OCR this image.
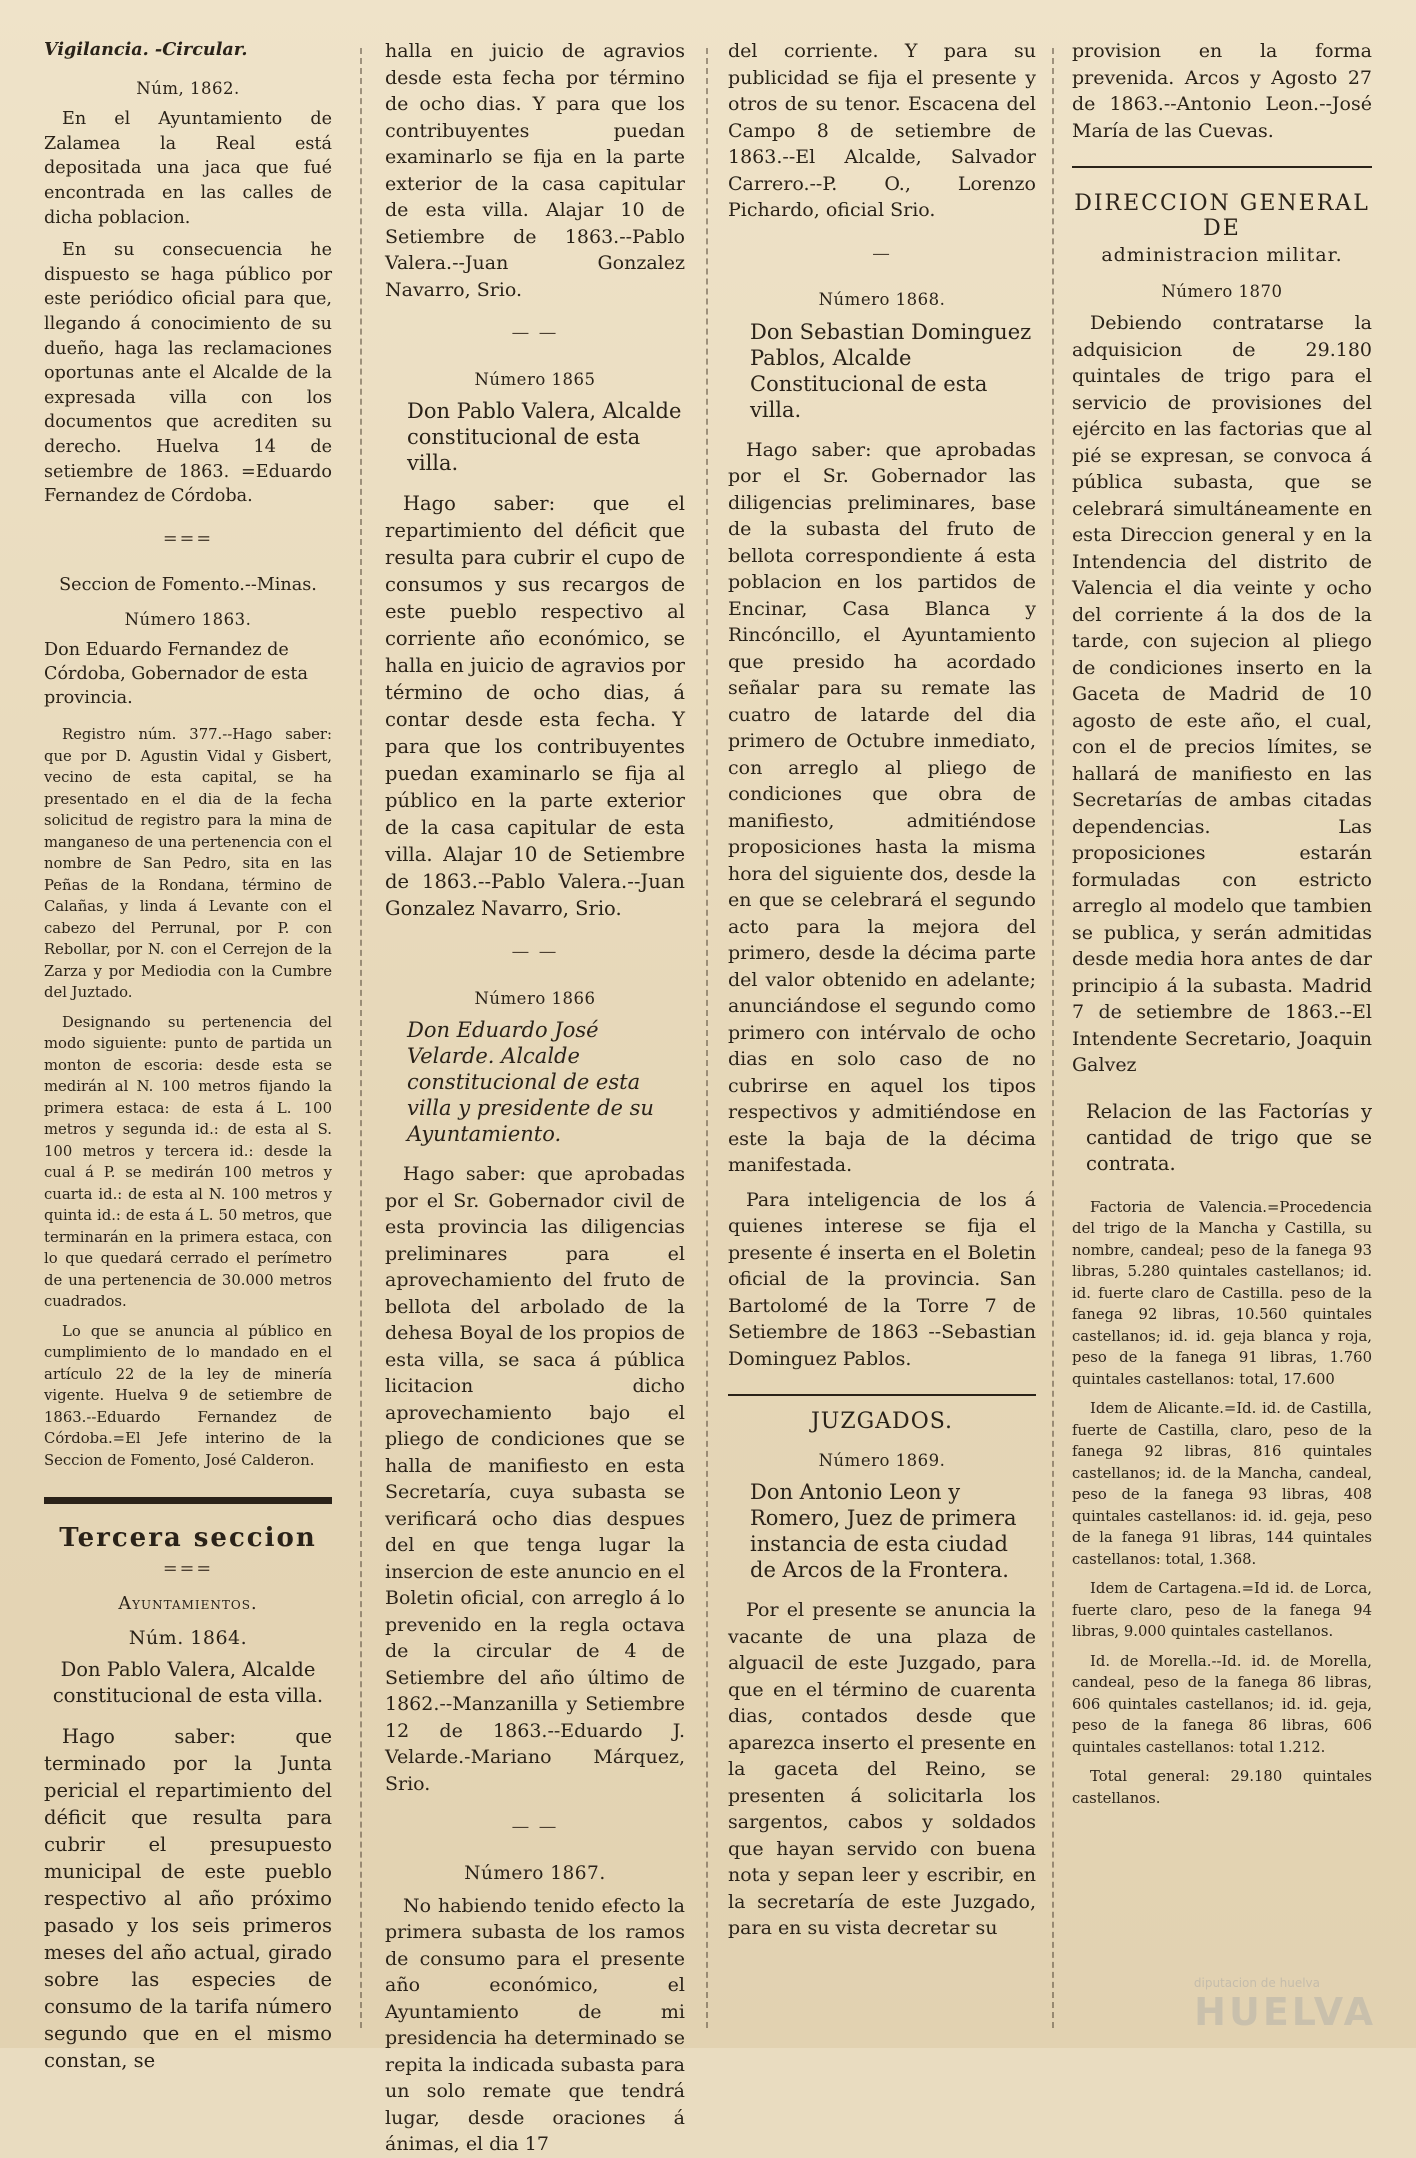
Vigilancia. -Circular.

Núm, 1862.

En el Ayuntamiento de Zalamea la Real está depositada una jaca que fué encontrada en las calles de dicha poblacion.

En su consecuencia he dispuesto se haga público por este periódico oficial para que, llegando á conocimiento de su dueño, haga las reclamaciones oportunas ante el Alcalde de la expresada villa con los documentos que acrediten su derecho. Huelva 14 de setiembre de 1863. =Eduardo Fernandez de Córdoba.

===

Seccion de Fomento.--Minas.

Número 1863.

Don Eduardo Fernandez de Córdoba, Gobernador de esta provincia.

Registro núm. 377.--Hago saber: que por D. Agustin Vidal y Gisbert, vecino de esta capital, se ha presentado en el dia de la fecha solicitud de registro para la mina de manganeso de una pertenencia con el nombre de San Pedro, sita en las Peñas de la Rondana, término de Calañas, y linda á Levante con el cabezo del Perrunal, por P. con Rebollar, por N. con el Cerrejon de la Zarza y por Mediodia con la Cumbre del Juztado.

Designando su pertenencia del modo siguiente: punto de partida un monton de escoria: desde esta se medirán al N. 100 metros fijando la primera estaca: de esta á L. 100 metros y segunda id.: de esta al S. 100 metros y tercera id.: desde la cual á P. se medirán 100 metros y cuarta id.: de esta al N. 100 metros y quinta id.: de esta á L. 50 metros, que terminarán en la primera estaca, con lo que quedará cerrado el perímetro de una pertenencia de 30.000 metros cuadrados.

Lo que se anuncia al público en cumplimiento de lo mandado en el artículo 22 de la ley de minería vigente. Huelva 9 de setiembre de 1863.--Eduardo Fernandez de Córdoba.=El Jefe interino de la Seccion de Fomento, José Calderon.

Tercera seccion

===

Ayuntamientos.

Núm. 1864.

Don Pablo Valera, Alcalde constitucional de esta villa.

Hago saber: que terminado por la Junta pericial el repartimiento del déficit que resulta para cubrir el presupuesto municipal de este pueblo respectivo al año próximo pasado y los seis primeros meses del año actual, girado sobre las especies de consumo de la tarifa número segundo que en el mismo constan, se

halla en juicio de agravios desde esta fecha por término de ocho dias. Y para que los contribuyentes puedan examinarlo se fija en la parte exterior de la casa capitular de esta villa. Alajar 10 de Setiembre de 1863.--Pablo Valera.--Juan Gonzalez Navarro, Srio.

— —

Número 1865

Don Pablo Valera, Alcalde constitucional de esta villa.

Hago saber: que el repartimiento del déficit que resulta para cubrir el cupo de consumos y sus recargos de este pueblo respectivo al corriente año económico, se halla en juicio de agravios por término de ocho dias, á contar desde esta fecha. Y para que los contribuyentes puedan examinarlo se fija al público en la parte exterior de la casa capitular de esta villa. Alajar 10 de Setiembre de 1863.--Pablo Valera.--Juan Gonzalez Navarro, Srio.

— —

Número 1866

Don Eduardo José Velarde. Alcalde constitucional de esta villa y presidente de su Ayuntamiento.

Hago saber: que aprobadas por el Sr. Gobernador civil de esta provincia las diligencias preliminares para el aprovechamiento del fruto de bellota del arbolado de la dehesa Boyal de los propios de esta villa, se saca á pública licitacion dicho aprovechamiento bajo el pliego de condiciones que se halla de manifiesto en esta Secretaría, cuya subasta se verificará ocho dias despues del en que tenga lugar la insercion de este anuncio en el Boletin oficial, con arreglo á lo prevenido en la regla octava de la circular de 4 de Setiembre del año último de 1862.--Manzanilla y Setiembre 12 de 1863.--Eduardo J. Velarde.-Mariano Márquez, Srio.

— —

Número 1867.

No habiendo tenido efecto la primera subasta de los ramos de consumo para el presente año económico, el Ayuntamiento de mi presidencia ha determinado se repita la indicada subasta para un solo remate que tendrá lugar, desde oraciones á ánimas, el dia 17

del corriente. Y para su publicidad se fija el presente y otros de su tenor. Escacena del Campo 8 de setiembre de 1863.--El Alcalde, Salvador Carrero.--P. O., Lorenzo Pichardo, oficial Srio.

—

Número 1868.

Don Sebastian Dominguez Pablos, Alcalde Constitucional de esta villa.

Hago saber: que aprobadas por el Sr. Gobernador las diligencias preliminares, base de la subasta del fruto de bellota correspondiente á esta poblacion en los partidos de Encinar, Casa Blanca y Rincóncillo, el Ayuntamiento que presido ha acordado señalar para su remate las cuatro de latarde del dia primero de Octubre inmediato, con arreglo al pliego de condiciones que obra de manifiesto, admitiéndose proposiciones hasta la misma hora del siguiente dos, desde la en que se celebrará el segundo acto para la mejora del primero, desde la décima parte del valor obtenido en adelante; anunciándose el segundo como primero con intérvalo de ocho dias en solo caso de no cubrirse en aquel los tipos respectivos y admitiéndose en este la baja de la décima manifestada.

Para inteligencia de los á quienes interese se fija el presente é inserta en el Boletin oficial de la provincia. San Bartolomé de la Torre 7 de Setiembre de 1863 --Sebastian Dominguez Pablos.

JUZGADOS.

Número 1869.

Don Antonio Leon y Romero, Juez de primera instancia de esta ciudad de Arcos de la Frontera.

Por el presente se anuncia la vacante de una plaza de alguacil de este Juzgado, para que en el término de cuarenta dias, contados desde que aparezca inserto el presente en la gaceta del Reino, se presenten á solicitarla los sargentos, cabos y soldados que hayan servido con buena nota y sepan leer y escribir, en la secretaría de este Juzgado, para en su vista decretar su

provision en la forma prevenida. Arcos y Agosto 27 de 1863.--Antonio Leon.--José María de las Cuevas.

DIRECCION GENERAL DE

administracion militar.

Número 1870

Debiendo contratarse la adquisicion de 29.180 quintales de trigo para el servicio de provisiones del ejército en las factorias que al pié se expresan, se convoca á pública subasta, que se celebrará simultáneamente en esta Direccion general y en la Intendencia del distrito de Valencia el dia veinte y ocho del corriente á la dos de la tarde, con sujecion al pliego de condiciones inserto en la Gaceta de Madrid de 10 agosto de este año, el cual, con el de precios límites, se hallará de manifiesto en las Secretarías de ambas citadas dependencias. Las proposiciones estarán formuladas con estricto arreglo al modelo que tambien se publica, y serán admitidas desde media hora antes de dar principio á la subasta. Madrid 7 de setiembre de 1863.--El Intendente Secretario, Joaquin Galvez

Relacion de las Factorías y cantidad de trigo que se contrata.

Factoria de Valencia.=Procedencia del trigo de la Mancha y Castilla, su nombre, candeal; peso de la fanega 93 libras, 5.280 quintales castellanos; id. id. fuerte claro de Castilla. peso de la fanega 92 libras, 10.560 quintales castellanos; id. id. geja blanca y roja, peso de la fanega 91 libras, 1.760 quintales castellanos: total, 17.600

Idem de Alicante.=Id. id. de Castilla, fuerte de Castilla, claro, peso de la fanega 92 libras, 816 quintales castellanos; id. de la Mancha, candeal, peso de la fanega 93 libras, 408 quintales castellanos: id. id. geja, peso de la fanega 91 libras, 144 quintales castellanos: total, 1.368.

Idem de Cartagena.=Id id. de Lorca, fuerte claro, peso de la fanega 94 libras, 9.000 quintales castellanos.

Id. de Morella.--Id. id. de Morella, candeal, peso de la fanega 86 libras, 606 quintales castellanos; id. id. geja, peso de la fanega 86 libras, 606 quintales castellanos: total 1.212.

Total general: 29.180 quintales castellanos.

diputacion de huelva
HUELVA
